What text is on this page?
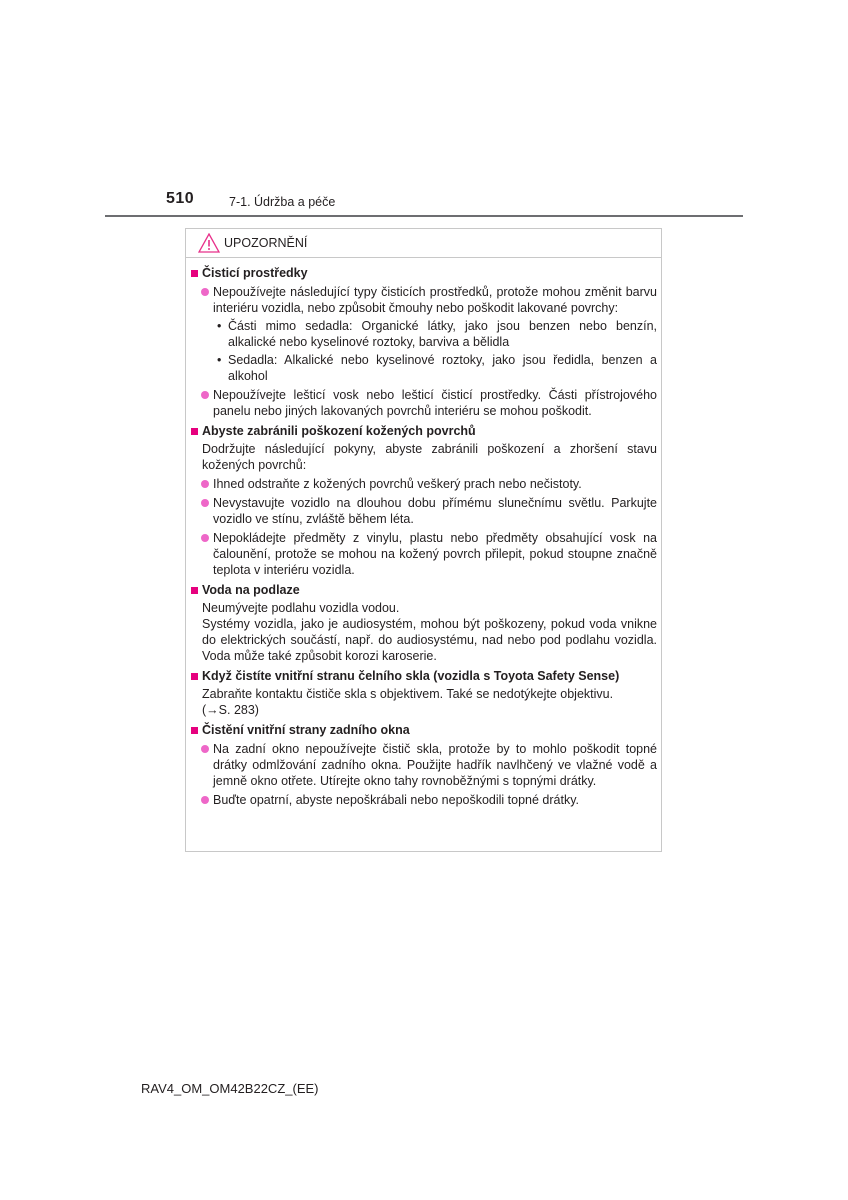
510	7-1. Údržba a péče
UPOZORNĚNÍ
Čisticí prostředky
Nepoužívejte následující typy čisticích prostředků, protože mohou změnit barvu interiéru vozidla, nebo způsobit čmouhy nebo poškodit lakované povrchy:
• Části mimo sedadla: Organické látky, jako jsou benzen nebo benzín, alkalické nebo kyselinové roztoky, barviva a bělidla
• Sedadla: Alkalické nebo kyselinové roztoky, jako jsou ředidla, benzen a alkohol
Nepoužívejte lešticí vosk nebo lešticí čisticí prostředky. Části přístrojového panelu nebo jiných lakovaných povrchů interiéru se mohou poškodit.
Abyste zabránili poškození kožených povrchů
Dodržujte následující pokyny, abyste zabránili poškození a zhoršení stavu kožených povrchů:
Ihned odstraňte z kožených povrchů veškerý prach nebo nečistoty.
Nevystavujte vozidlo na dlouhou dobu přímému slunečnímu světlu. Parkujte vozidlo ve stínu, zvláště během léta.
Nepokládejte předměty z vinylu, plastu nebo předměty obsahující vosk na čalounění, protože se mohou na kožený povrch přilepit, pokud stoupne značně teplota v interiéru vozidla.
Voda na podlaze
Neumývejte podlahu vozidla vodou.
Systémy vozidla, jako je audiosystém, mohou být poškozeny, pokud voda vnikne do elektrických součástí, např. do audiosystému, nad nebo pod podlahu vozidla. Voda může také způsobit korozi karoserie.
Když čistíte vnitřní stranu čelního skla (vozidla s Toyota Safety Sense)
Zabraňte kontaktu čističe skla s objektivem. Také se nedotýkejte objektivu.
(→S. 283)
Čistění vnitřní strany zadního okna
Na zadní okno nepoužívejte čistič skla, protože by to mohlo poškodit topné drátky odmlžování zadního okna. Použijte hadřík navlhčený ve vlažné vodě a jemně okno otřete. Utírejte okno tahy rovnoběžnými s topnými drátky.
Buďte opatrní, abyste nepoškrábali nebo nepoškodili topné drátky.
RAV4_OM_OM42B22CZ_(EE)
